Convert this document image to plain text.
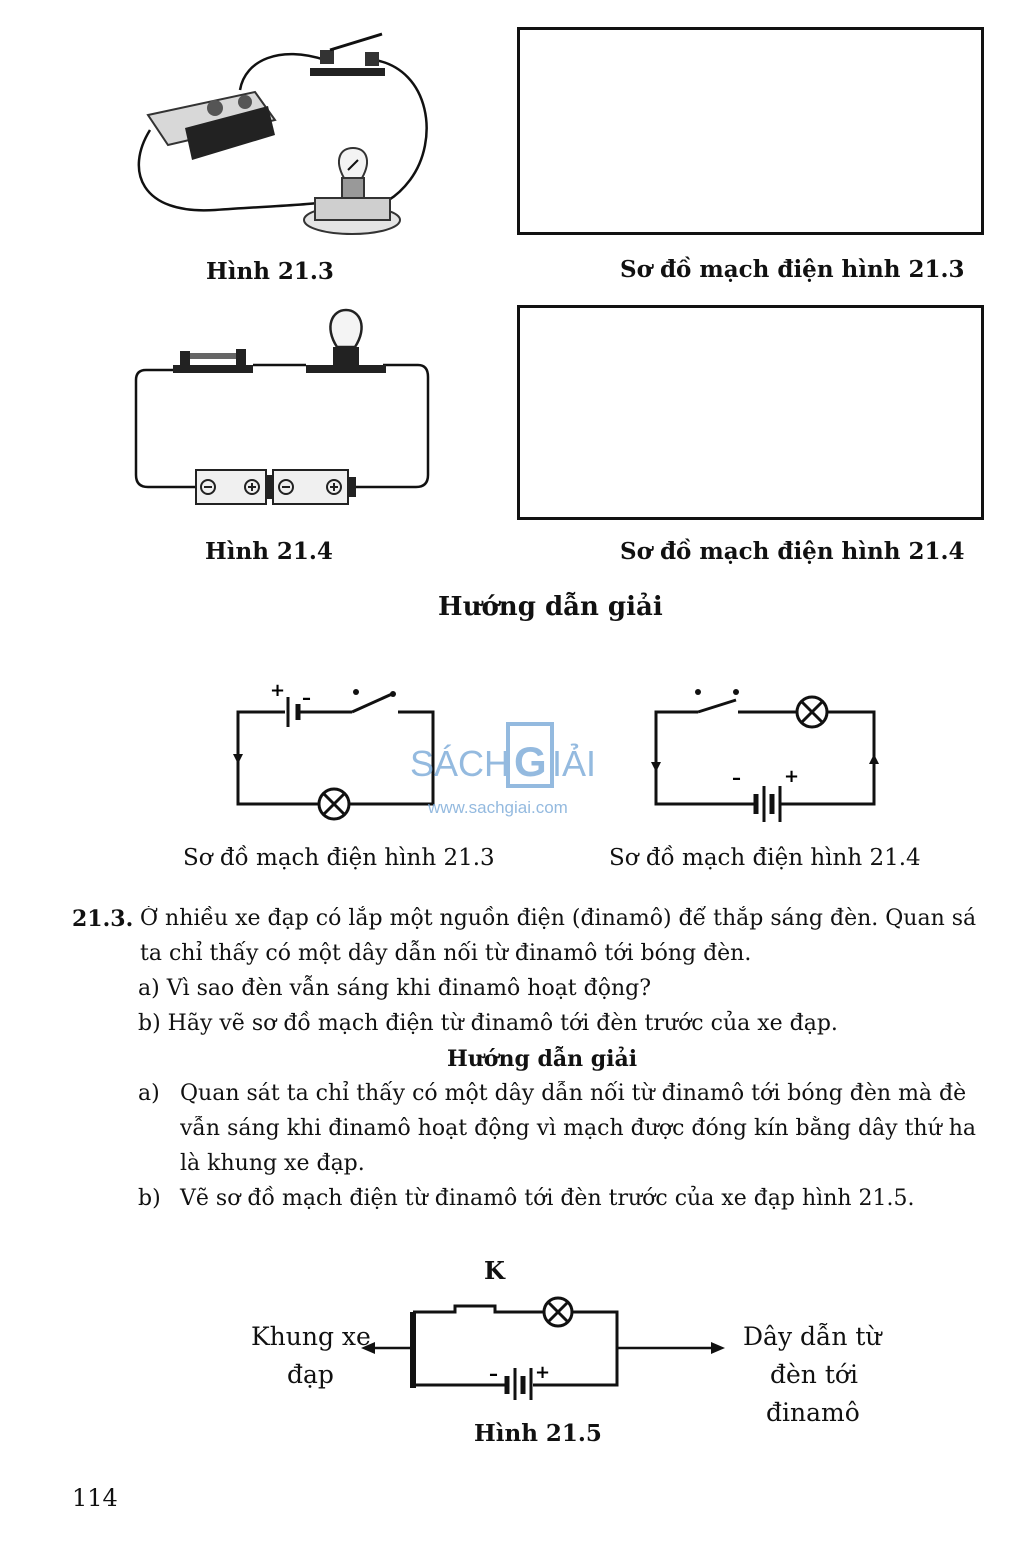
Hình 21.3	Sơ đồ mạch điện hình 21.3
Hình 21.4	Sơ đồ mạch điện hình 21.4
Hướng dẫn giải
+ –
– +
SÁCH G IẢI
www.sachgiai.com
Sơ đồ mạch điện hình 21.3	Sơ đồ mạch điện hình 21.4
21.3. Ở nhiều xe đạp có lắp một nguồn điện (đinamô) để thắp sáng đèn. Quan sá
ta chỉ thấy có một dây dẫn nối từ đinamô tới bóng đèn.
a) Vì sao đèn vẫn sáng khi đinamô hoạt động?
b) Hãy vẽ sơ đồ mạch điện từ đinamô tới đèn trước của xe đạp.
Hướng dẫn giải
a) Quan sát ta chỉ thấy có một dây dẫn nối từ đinamô tới bóng đèn mà đè
vẫn sáng khi đinamô hoạt động vì mạch được đóng kín bằng dây thứ ha
là khung xe đạp.
b) Vẽ sơ đồ mạch điện từ đinamô tới đèn trước của xe đạp hình 21.5.
K
– +
Khung xe
đạp
Dây dẫn từ
đèn tới
đinamô
Hình 21.5
114
